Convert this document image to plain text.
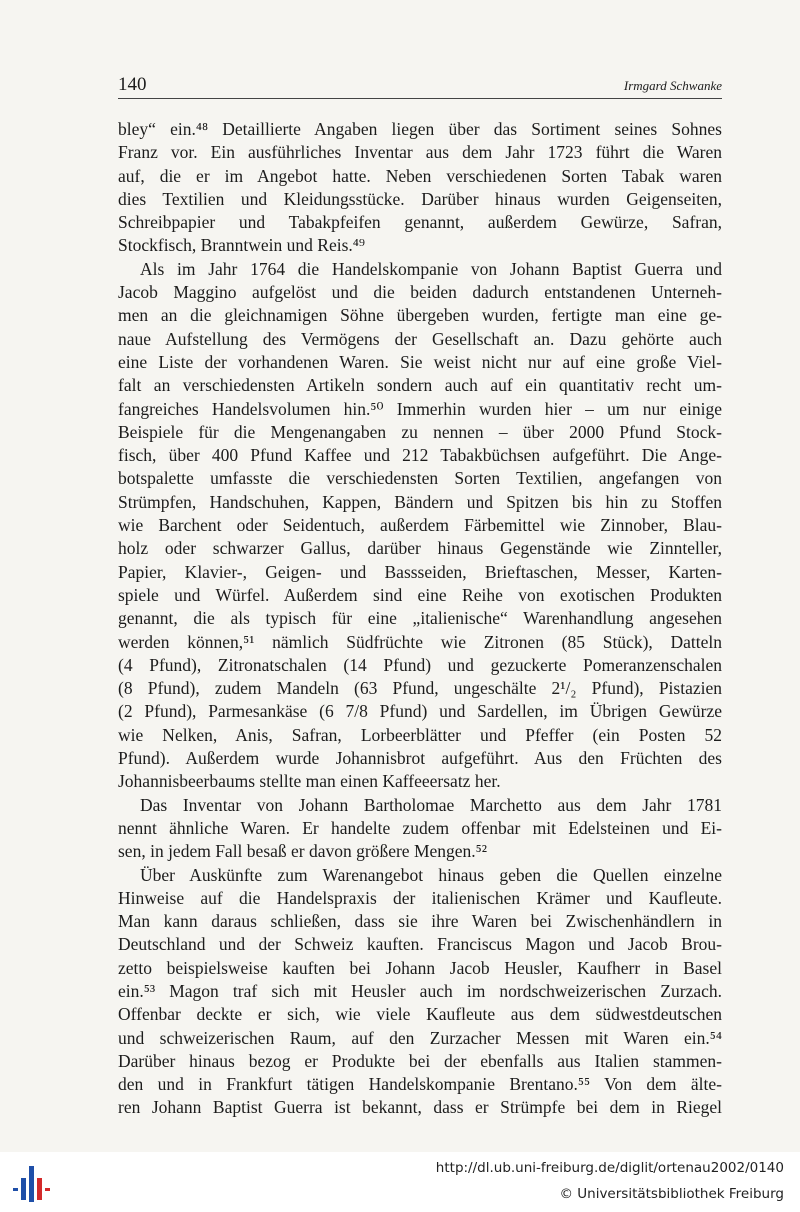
140	Irmgard Schwanke
bley“ ein.⁴⁸ Detaillierte Angaben liegen über das Sortiment seines Sohnes
Franz vor. Ein ausführliches Inventar aus dem Jahr 1723 führt die Waren
auf, die er im Angebot hatte. Neben verschiedenen Sorten Tabak waren
dies Textilien und Kleidungsstücke. Darüber hinaus wurden Geigenseiten,
Schreibpapier und Tabakpfeifen genannt, außerdem Gewürze, Safran,
Stockfisch, Branntwein und Reis.⁴⁹
Als im Jahr 1764 die Handelskompanie von Johann Baptist Guerra und
Jacob Maggino aufgelöst und die beiden dadurch entstandenen Unterneh-
men an die gleichnamigen Söhne übergeben wurden, fertigte man eine ge-
naue Aufstellung des Vermögens der Gesellschaft an. Dazu gehörte auch
eine Liste der vorhandenen Waren. Sie weist nicht nur auf eine große Viel-
falt an verschiedensten Artikeln sondern auch auf ein quantitativ recht um-
fangreiches Handelsvolumen hin.⁵⁰ Immerhin wurden hier – um nur einige
Beispiele für die Mengenangaben zu nennen – über 2000 Pfund Stock-
fisch, über 400 Pfund Kaffee und 212 Tabakbüchsen aufgeführt. Die Ange-
botspalette umfasste die verschiedensten Sorten Textilien, angefangen von
Strümpfen, Handschuhen, Kappen, Bändern und Spitzen bis hin zu Stoffen
wie Barchent oder Seidentuch, außerdem Färbemittel wie Zinnober, Blau-
holz oder schwarzer Gallus, darüber hinaus Gegenstände wie Zinnteller,
Papier, Klavier-, Geigen- und Bassseiden, Brieftaschen, Messer, Karten-
spiele und Würfel. Außerdem sind eine Reihe von exotischen Produkten
genannt, die als typisch für eine „italienische“ Warenhandlung angesehen
werden können,⁵¹ nämlich Südfrüchte wie Zitronen (85 Stück), Datteln
(4 Pfund), Zitronatschalen (14 Pfund) und gezuckerte Pomeranzenschalen
(8 Pfund), zudem Mandeln (63 Pfund, ungeschälte 2¹/₂ Pfund), Pistazien
(2 Pfund), Parmesankäse (6 7/8 Pfund) und Sardellen, im Übrigen Gewürze
wie Nelken, Anis, Safran, Lorbeerblätter und Pfeffer (ein Posten 52
Pfund). Außerdem wurde Johannisbrot aufgeführt. Aus den Früchten des
Johannisbeerbaums stellte man einen Kaffeeersatz her.
Das Inventar von Johann Bartholomae Marchetto aus dem Jahr 1781
nennt ähnliche Waren. Er handelte zudem offenbar mit Edelsteinen und Ei-
sen, in jedem Fall besaß er davon größere Mengen.⁵²
Über Auskünfte zum Warenangebot hinaus geben die Quellen einzelne
Hinweise auf die Handelspraxis der italienischen Krämer und Kaufleute.
Man kann daraus schließen, dass sie ihre Waren bei Zwischenhändlern in
Deutschland und der Schweiz kauften. Franciscus Magon und Jacob Brou-
zetto beispielsweise kauften bei Johann Jacob Heusler, Kaufherr in Basel
ein.⁵³ Magon traf sich mit Heusler auch im nordschweizerischen Zurzach.
Offenbar deckte er sich, wie viele Kaufleute aus dem südwestdeutschen
und schweizerischen Raum, auf den Zurzacher Messen mit Waren ein.⁵⁴
Darüber hinaus bezog er Produkte bei der ebenfalls aus Italien stammen-
den und in Frankfurt tätigen Handelskompanie Brentano.⁵⁵ Von dem älte-
ren Johann Baptist Guerra ist bekannt, dass er Strümpfe bei dem in Riegel
http://dl.ub.uni-freiburg.de/diglit/ortenau2002/0140
© Universitätsbibliothek Freiburg
